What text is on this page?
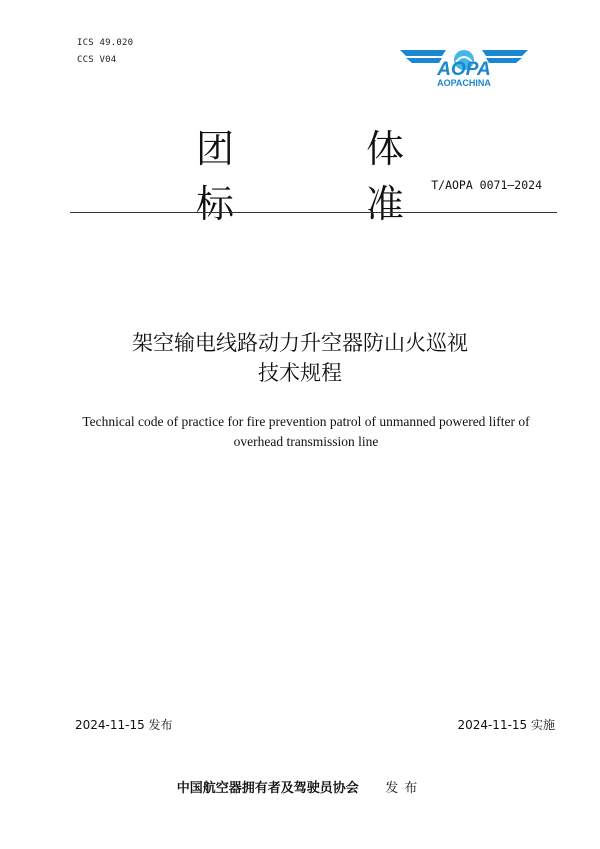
ICS 49.020
CCS V04	AOPA
AOPACHINA
团 体 标 准
T/AOPA 0071—2024
架空输电线路动力升空器防山火巡视
技术规程
Technical code of practice for fire prevention patrol of unmanned powered lifter of
overhead transmission line
2024-11-15 发布	2024-11-15 实施
中国航空器拥有者及驾驶员协会 发布
